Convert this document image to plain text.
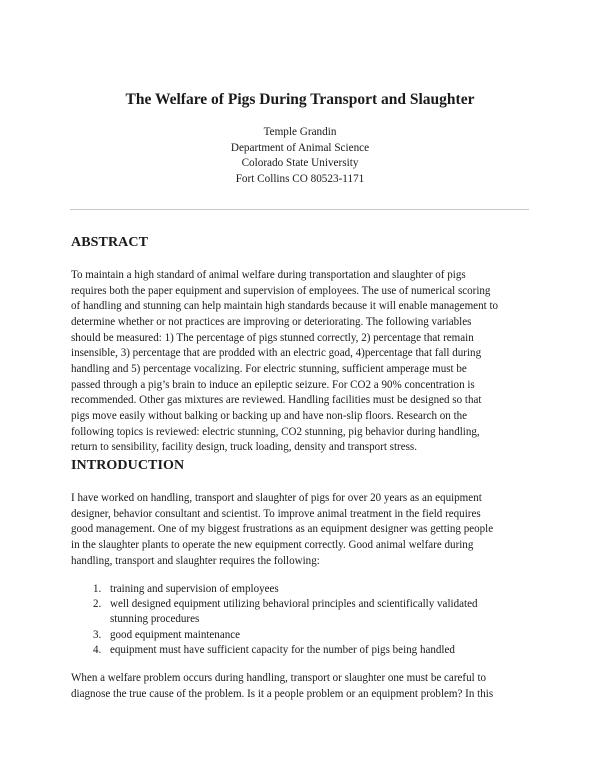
The Welfare of Pigs During Transport and Slaughter
Temple Grandin
Department of Animal Science
Colorado State University
Fort Collins CO 80523-1171
ABSTRACT
To maintain a high standard of animal welfare during transportation and slaughter of pigs
requires both the paper equipment and supervision of employees. The use of numerical scoring
of handling and stunning can help maintain high standards because it will enable management to
determine whether or not practices are improving or deteriorating. The following variables
should be measured: 1) The percentage of pigs stunned correctly, 2) percentage that remain
insensible, 3) percentage that are prodded with an electric goad, 4)percentage that fall during
handling and 5) percentage vocalizing. For electric stunning, sufficient amperage must be
passed through a pig’s brain to induce an epileptic seizure. For CO2 a 90% concentration is
recommended. Other gas mixtures are reviewed. Handling facilities must be designed so that
pigs move easily without balking or backing up and have non-slip floors. Research on the
following topics is reviewed: electric stunning, CO2 stunning, pig behavior during handling,
return to sensibility, facility design, truck loading, density and transport stress.
INTRODUCTION
I have worked on handling, transport and slaughter of pigs for over 20 years as an equipment
designer, behavior consultant and scientist. To improve animal treatment in the field requires
good management. One of my biggest frustrations as an equipment designer was getting people
in the slaughter plants to operate the new equipment correctly. Good animal welfare during
handling, transport and slaughter requires the following:
1. training and supervision of employees
2. well designed equipment utilizing behavioral principles and scientifically validated
stunning procedures
3. good equipment maintenance
4. equipment must have sufficient capacity for the number of pigs being handled
When a welfare problem occurs during handling, transport or slaughter one must be careful to
diagnose the true cause of the problem. Is it a people problem or an equipment problem? In this
